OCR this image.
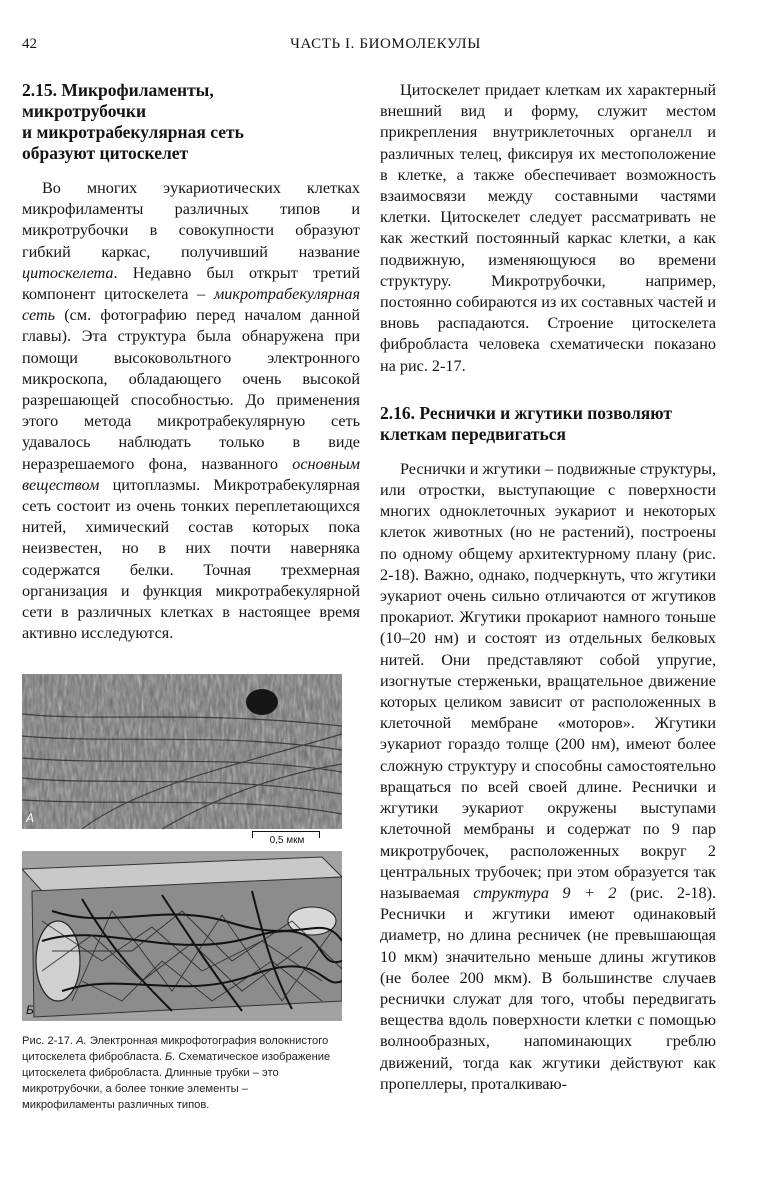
42	ЧАСТЬ I. БИОМОЛЕКУЛЫ
2.15. Микрофиламенты,
микротрубочки
и микротрабекулярная сеть
образуют цитоскелет

Во многих эукариотических клетках микрофиламенты различных типов и микротрубочки в совокупности образуют гибкий каркас, получивший название цитоскелета. Недавно был открыт третий компонент цитоскелета – микротрабекулярная сеть (см. фотографию перед началом данной главы). Эта структура была обнаружена при помощи высоковольтного электронного микроскопа, обладающего очень высокой разрешающей способностью. До применения этого метода микротрабекулярную сеть удавалось наблюдать только в виде неразрешаемого фона, названного основным веществом цитоплазмы. Микротрабекулярная сеть состоит из очень тонких переплетающихся нитей, химический состав которых пока неизвестен, но в них почти наверняка содержатся белки. Точная трехмерная организация и функция микротрабекулярной сети в различных клетках в настоящее время активно исследуются.

А
0,5 мкм
Б
Рис. 2-17. А. Электронная микрофотография волокнистого цитоскелета фибробласта. Б. Схематическое изображение цитоскелета фибробласта. Длинные трубки – это микротрубочки, а более тонкие элементы – микрофиламенты различных типов.

Цитоскелет придает клеткам их характерный внешний вид и форму, служит местом прикрепления внутриклеточных органелл и различных телец, фиксируя их местоположение в клетке, а также обеспечивает возможность взаимосвязи между составными частями клетки. Цитоскелет следует рассматривать не как жесткий постоянный каркас клетки, а как подвижную, изменяющуюся во времени структуру. Микротрубочки, например, постоянно собираются из их составных частей и вновь распадаются. Строение цитоскелета фибробласта человека схематически показано на рис. 2-17.

2.16. Реснички и жгутики позволяют
клеткам передвигаться

Реснички и жгутики – подвижные структуры, или отростки, выступающие с поверхности многих одноклеточных эукариот и некоторых клеток животных (но не растений), построены по одному общему архитектурному плану (рис. 2-18). Важно, однако, подчеркнуть, что жгутики эукариот очень сильно отличаются от жгутиков прокариот. Жгутики прокариот намного тоньше (10–20 нм) и состоят из отдельных белковых нитей. Они представляют собой упругие, изогнутые стерженьки, вращательное движение которых целиком зависит от расположенных в клеточной мембране «моторов». Жгутики эукариот гораздо толще (200 нм), имеют более сложную структуру и способны самостоятельно вращаться по всей своей длине. Реснички и жгутики эукариот окружены выступами клеточной мембраны и содержат по 9 пар микротрубочек, расположенных вокруг 2 центральных трубочек; при этом образуется так называемая структура 9 + 2 (рис. 2-18). Реснички и жгутики имеют одинаковый диаметр, но длина ресничек (не превышающая 10 мкм) значительно меньше длины жгутиков (не более 200 мкм). В большинстве случаев реснички служат для того, чтобы передвигать вещества вдоль поверхности клетки с помощью волнообразных, напоминающих греблю движений, тогда как жгутики действуют как пропеллеры, проталкиваю-
